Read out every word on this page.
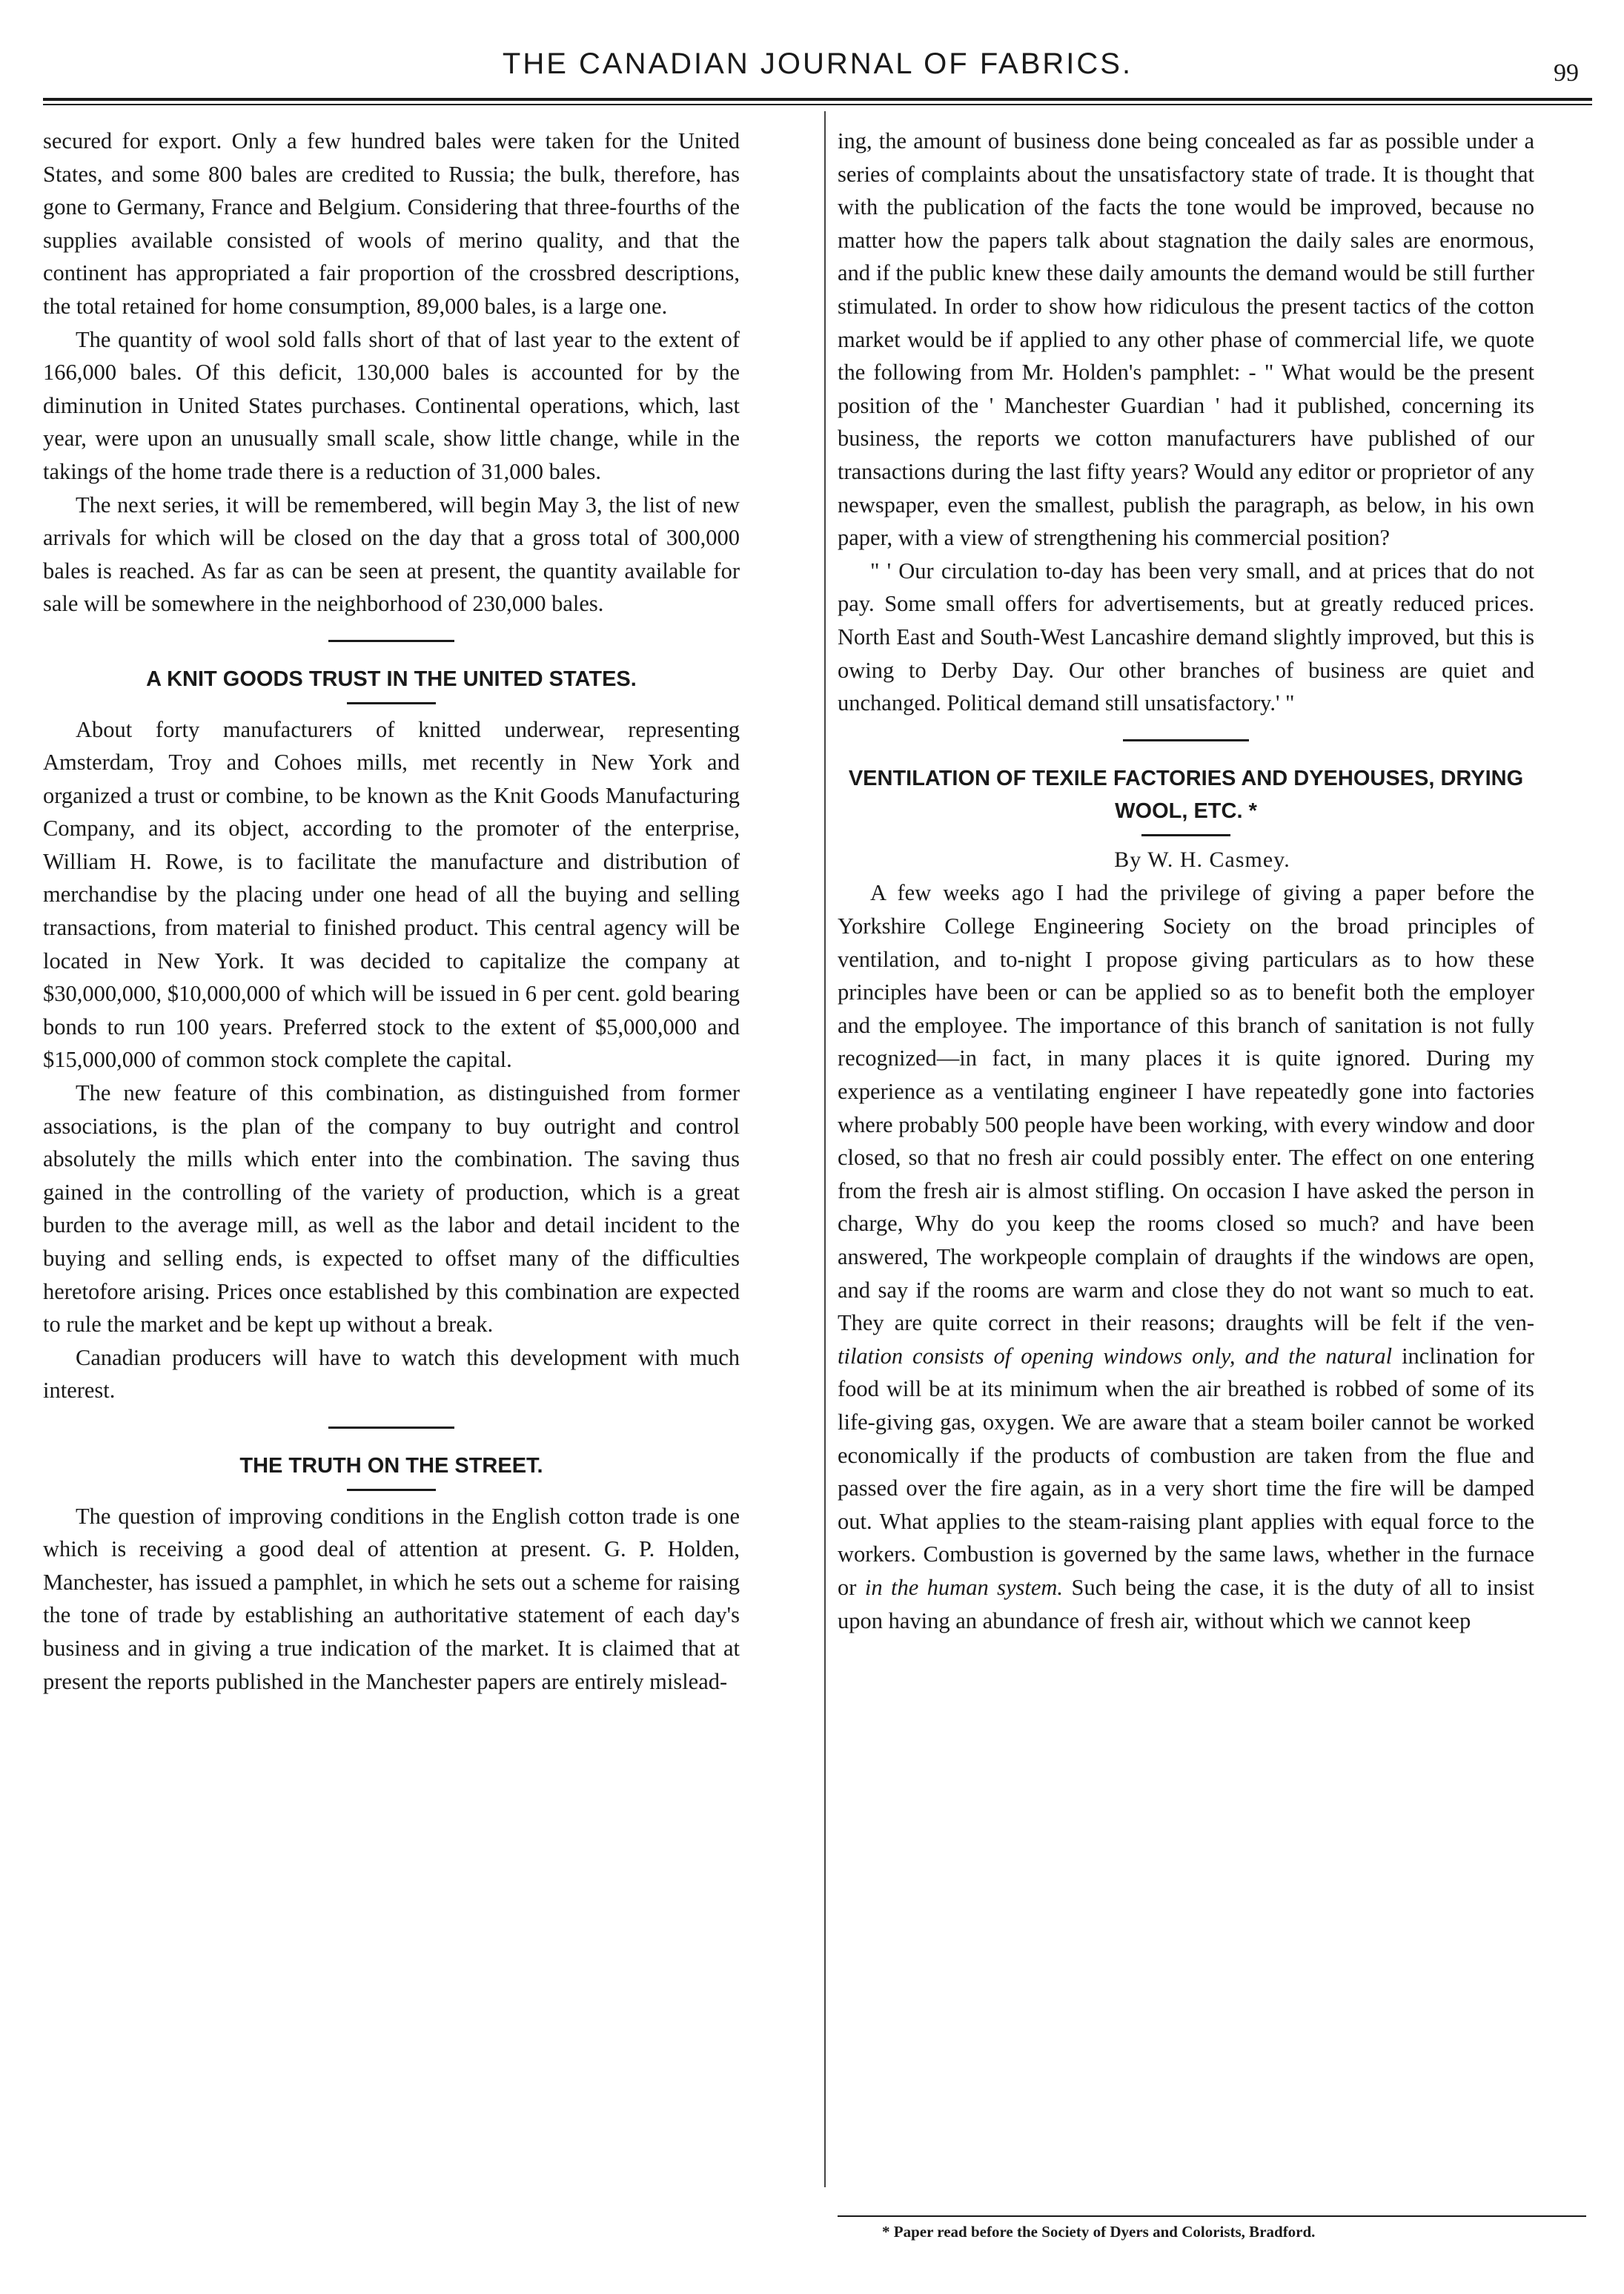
THE CANADIAN JOURNAL OF FABRICS.	99

secured for export. Only a few hundred bales were taken for the United States, and some 800 bales are credited to Russia; the bulk, therefore, has gone to Germany, France and Belgium. Considering that three-fourths of the supplies available consisted of wools of merino quality, and that the continent has appropriated a fair proportion of the crossbred descriptions, the total retained for home consumption, 89,000 bales, is a large one.

The quantity of wool sold falls short of that of last year to the extent of 166,000 bales. Of this deficit, 130,000 bales is accounted for by the diminution in United States purchases. Continental operations, which, last year, were upon an unusually small scale, show little change, while in the takings of the home trade there is a reduction of 31,000 bales.

The next series, it will be remembered, will begin May 3, the list of new arrivals for which will be closed on the day that a gross total of 300,000 bales is reached. As far as can be seen at present, the quantity available for sale will be somewhere in the neighborhood of 230,000 bales.

A KNIT GOODS TRUST IN THE UNITED STATES.

About forty manufacturers of knitted underwear, representing Amsterdam, Troy and Cohoes mills, met recently in New York and organized a trust or combine, to be known as the Knit Goods Manufacturing Company, and its object, according to the promoter of the enterprise, William H. Rowe, is to facilitate the manufacture and distribution of merchandise by the placing under one head of all the buying and selling transactions, from material to finished product. This central agency will be located in New York. It was decided to capitalize the company at $30,000,000, $10,000,000 of which will be issued in 6 per cent. gold bearing bonds to run 100 years. Preferred stock to the extent of $5,000,000 and $15,000,000 of common stock complete the capital.

The new feature of this combination, as distinguished from former associations, is the plan of the company to buy outright and control absolutely the mills which enter into the combination. The saving thus gained in the controlling of the variety of production, which is a great burden to the average mill, as well as the labor and detail incident to the buying and selling ends, is expected to offset many of the difficulties heretofore arising. Prices once established by this combination are expected to rule the market and be kept up without a break.

Canadian producers will have to watch this development with much interest.

THE TRUTH ON THE STREET.

The question of improving conditions in the English cotton trade is one which is receiving a good deal of attention at present. G. P. Holden, Manchester, has issued a pamphlet, in which he sets out a scheme for raising the tone of trade by establishing an authoritative statement of each day's business and in giving a true indication of the market. It is claimed that at present the reports published in the Manchester papers are entirely mislead-

ing, the amount of business done being concealed as far as possible under a series of complaints about the unsatisfactory state of trade. It is thought that with the publication of the facts the tone would be improved, because no matter how the papers talk about stagnation the daily sales are enormous, and if the public knew these daily amounts the demand would be still further stimulated. In order to show how ridiculous the present tactics of the cotton market would be if applied to any other phase of commercial life, we quote the following from Mr. Holden's pamphlet: - " What would be the present position of the ' Manchester Guardian ' had it published, concerning its business, the reports we cotton manufacturers have published of our transactions during the last fifty years? Would any editor or proprietor of any newspaper, even the smallest, publish the paragraph, as below, in his own paper, with a view of strengthening his commercial position?

" ' Our circulation to-day has been very small, and at prices that do not pay. Some small offers for advertisements, but at greatly reduced prices. North East and South-West Lancashire demand slightly improved, but this is owing to Derby Day. Our other branches of business are quiet and unchanged. Political demand still unsatisfactory.' "

VENTILATION OF TEXILE FACTORIES AND DYEHOUSES, DRYING WOOL, ETC. *

By W. H. Casmey.

A few weeks ago I had the privilege of giving a paper before the Yorkshire College Engineering Society on the broad principles of ventilation, and to-night I propose giving particulars as to how these principles have been or can be applied so as to benefit both the employer and the employee. The importance of this branch of sanitation is not fully recognized—in fact, in many places it is quite ignored. During my experience as a ventilating engineer I have repeatedly gone into factories where probably 500 people have been working, with every window and door closed, so that no fresh air could possibly enter. The effect on one entering from the fresh air is almost stifling. On occasion I have asked the person in charge, Why do you keep the rooms closed so much? and have been answered, The workpeople complain of draughts if the windows are open, and say if the rooms are warm and close they do not want so much to eat. They are quite correct in their reasons; draughts will be felt if the ven- tilation consists of opening windows only, and the natural inclination for food will be at its minimum when the air breathed is robbed of some of its life-giving gas, oxygen. We are aware that a steam boiler cannot be worked economically if the products of combustion are taken from the flue and passed over the fire again, as in a very short time the fire will be damped out. What applies to the steam-raising plant applies with equal force to the workers. Combustion is governed by the same laws, whether in the furnace or in the human system. Such being the case, it is the duty of all to insist upon having an abundance of fresh air, without which we cannot keep

* Paper read before the Society of Dyers and Colorists, Bradford.
